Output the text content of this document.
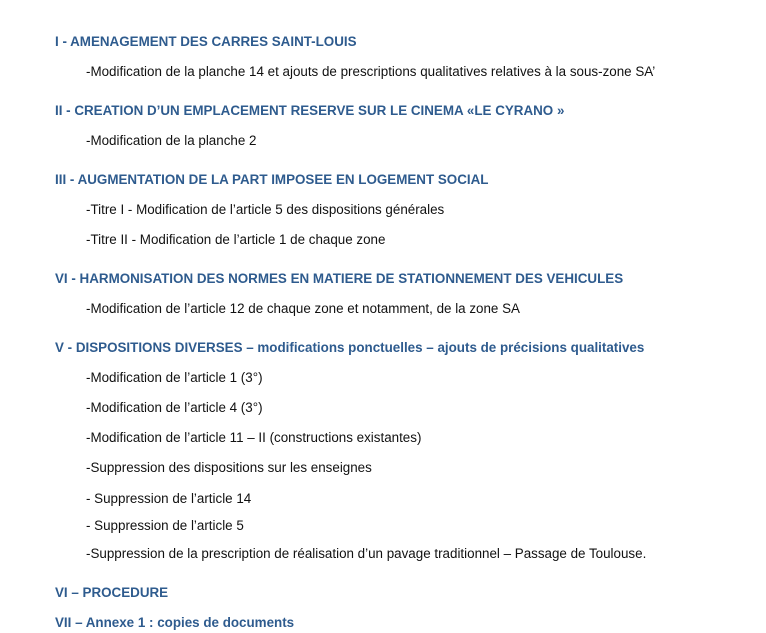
I - AMENAGEMENT DES CARRES SAINT-LOUIS
-Modification de la planche 14 et ajouts de prescriptions qualitatives relatives à la sous-zone SA’
II - CREATION D’UN EMPLACEMENT RESERVE SUR LE CINEMA «LE CYRANO »
-Modification de la planche 2
III - AUGMENTATION DE LA PART IMPOSEE EN LOGEMENT SOCIAL
-Titre I - Modification de l’article 5 des dispositions générales
-Titre II - Modification de l’article 1 de chaque zone
VI - HARMONISATION DES NORMES EN MATIERE DE STATIONNEMENT DES VEHICULES
-Modification de l’article 12 de chaque zone et notamment, de la zone SA
V - DISPOSITIONS DIVERSES – modifications ponctuelles – ajouts de précisions qualitatives
-Modification de l’article 1 (3°)
-Modification de l’article 4 (3°)
-Modification de l’article 11 – II (constructions existantes)
-Suppression des dispositions sur les enseignes
- Suppression de l’article 14
- Suppression de l’article 5
-Suppression de la prescription de réalisation d’un pavage traditionnel – Passage de Toulouse.
VI – PROCEDURE
VII – Annexe 1 : copies de documents
